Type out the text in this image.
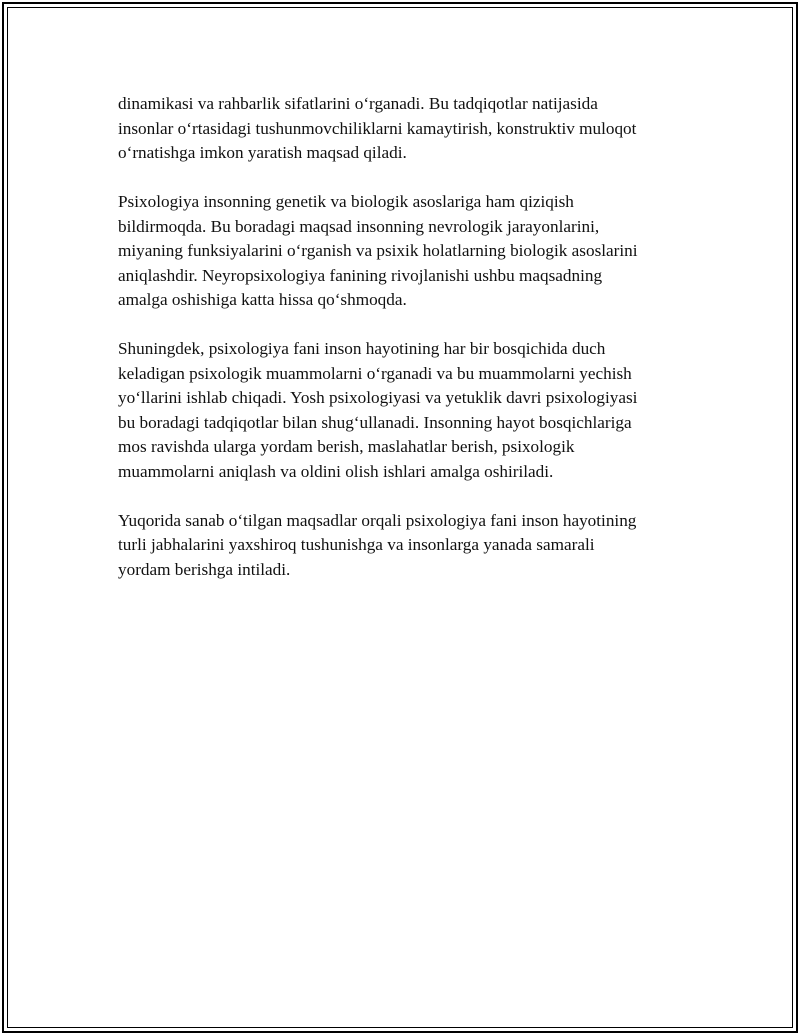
dinamikasi va rahbarlik sifatlarini oʻrganadi. Bu tadqiqotlar natijasida
insonlar oʻrtasidagi tushunmovchiliklarni kamaytirish, konstruktiv muloqot
oʻrnatishga imkon yaratish maqsad qiladi.

Psixologiya insonning genetik va biologik asoslariga ham qiziqish
bildirmoqda. Bu boradagi maqsad insonning nevrologik jarayonlarini,
miyaning funksiyalarini oʻrganish va psixik holatlarning biologik asoslarini
aniqlashdir. Neyropsixologiya fanining rivojlanishi ushbu maqsadning
amalga oshishiga katta hissa qoʻshmoqda.

Shuningdek, psixologiya fani inson hayotining har bir bosqichida duch
keladigan psixologik muammolarni oʻrganadi va bu muammolarni yechish
yoʻllarini ishlab chiqadi. Yosh psixologiyasi va yetuklik davri psixologiyasi
bu boradagi tadqiqotlar bilan shugʻullanadi. Insonning hayot bosqichlariga
mos ravishda ularga yordam berish, maslahatlar berish, psixologik
muammolarni aniqlash va oldini olish ishlari amalga oshiriladi.

Yuqorida sanab oʻtilgan maqsadlar orqali psixologiya fani inson hayotining
turli jabhalarini yaxshiroq tushunishga va insonlarga yanada samarali
yordam berishga intiladi.
